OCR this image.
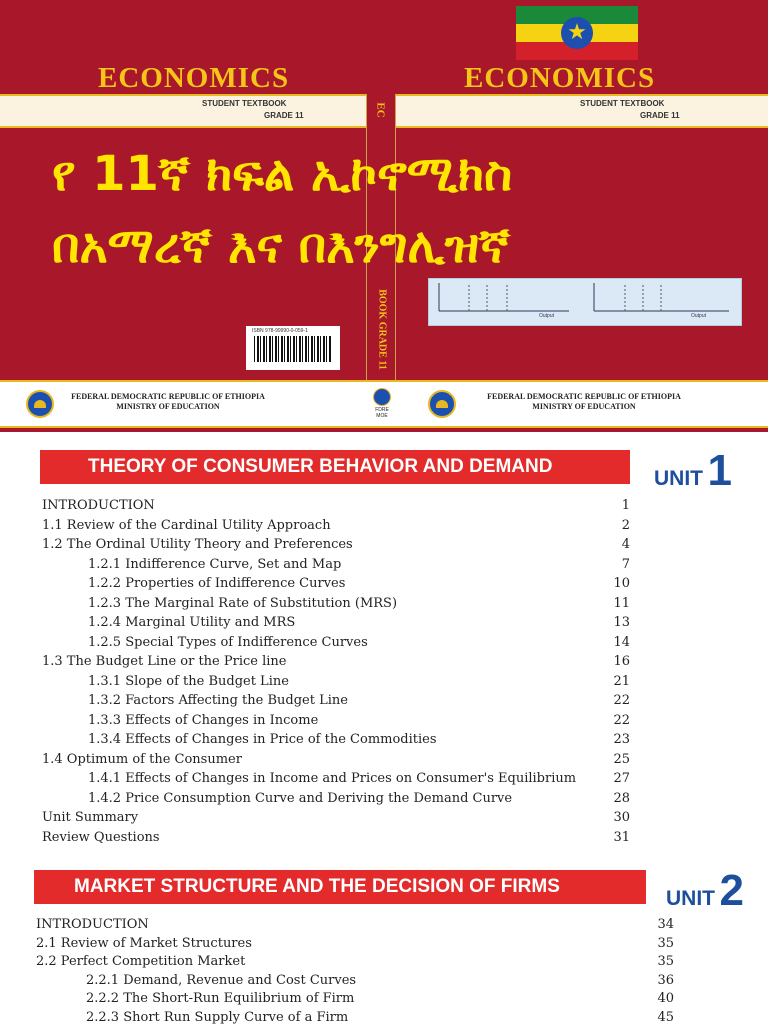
★
ECONOMICS	ECONOMICS
STUDENT TEXTBOOK
GRADE 11
STUDENT TEXTBOOK
GRADE 11
EC
BOOK GRADE 11
የ 11ኛ ክፍል ኢኮኖሚክስ
በአማረኛ እና በእንግሊዝኛ
Output	Output
ISBN 978-99990-0-059-1
FEDERAL DEMOCRATIC REPUBLIC OF ETHIOPIA
MINISTRY OF EDUCATION	FDRE
MOE
FEDERAL DEMOCRATIC REPUBLIC OF ETHIOPIA
MINISTRY OF EDUCATION
THEORY OF CONSUMER BEHAVIOR AND DEMAND
UNIT 1
INTRODUCTION	1
1.1 Review of the Cardinal Utility Approach	2
1.2 The Ordinal Utility Theory and Preferences	4
1.2.1 Indifference Curve, Set and Map	7
1.2.2 Properties of Indifference Curves	10
1.2.3 The Marginal Rate of Substitution (MRS)	11
1.2.4 Marginal Utility and MRS	13
1.2.5 Special Types of Indifference Curves	14
1.3 The Budget Line or the Price line	16
1.3.1 Slope of the Budget Line	21
1.3.2 Factors Affecting the Budget Line	22
1.3.3 Effects of Changes in Income	22
1.3.4 Effects of Changes in Price of the Commodities	23
1.4 Optimum of the Consumer	25
1.4.1 Effects of Changes in Income and Prices on Consumer's Equilibrium	27
1.4.2 Price Consumption Curve and Deriving the Demand Curve	28
Unit Summary	30
Review Questions	31
MARKET STRUCTURE AND THE DECISION OF FIRMS
UNIT 2
INTRODUCTION	34
2.1 Review of Market Structures	35
2.2 Perfect Competition Market	35
2.2.1 Demand, Revenue and Cost Curves	36
2.2.2 The Short-Run Equilibrium of Firm	40
2.2.3 Short Run Supply Curve of a Firm	45
